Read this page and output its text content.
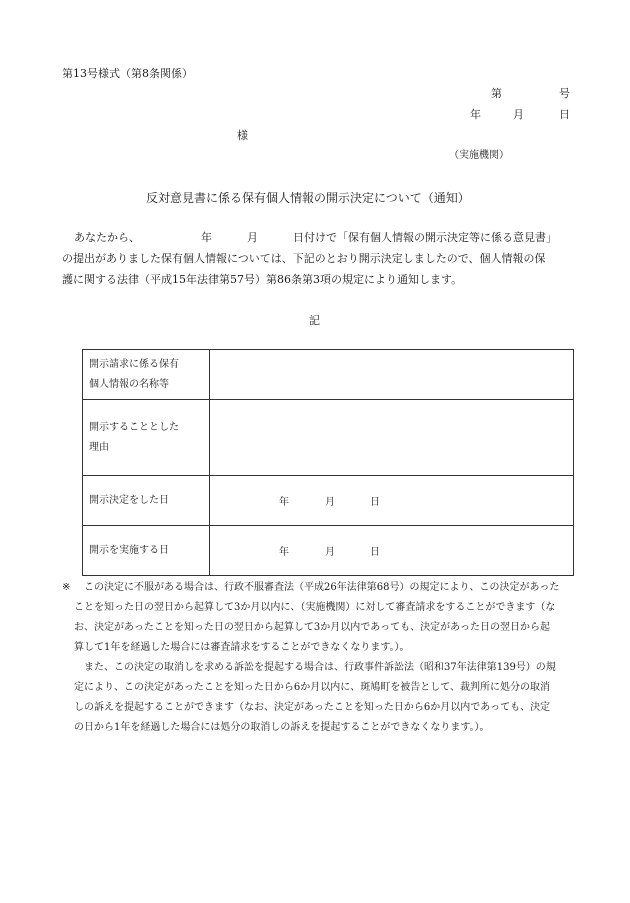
第13号様式（第8条関係）
第	号
年	月	日
様
（実施機関）
反対意見書に係る保有個人情報の開示決定について（通知）
あなたから、	年	月	日付けで「保有個人情報の開示決定等に係る意見書」
の提出がありました保有個人情報については、下記のとおり開示決定しましたので、個人情報の保
護に関する法律（平成15年法律第57号）第86条第3項の規定により通知します。
記
開示請求に係る保有
個人情報の名称等	

開示することとした
理由	

開示決定をした日	年 月 日

開示を実施する日	年 月 日
※ この決定に不服がある場合は、行政不服審査法（平成26年法律第68号）の規定により、この決定があった
ことを知った日の翌日から起算して3か月以内に、（実施機関）に対して審査請求をすることができます（な
お、決定があったことを知った日の翌日から起算して3か月以内であっても、決定があった日の翌日から起
算して1年を経過した場合には審査請求をすることができなくなります。）。
また、この決定の取消しを求める訴訟を提起する場合は、行政事件訴訟法（昭和37年法律第139号）の規
定により、この決定があったことを知った日から6か月以内に、斑鳩町を被告として、裁判所に処分の取消
しの訴えを提起することができます（なお、決定があったことを知った日から6か月以内であっても、決定
の日から1年を経過した場合には処分の取消しの訴えを提起することができなくなります。）。
